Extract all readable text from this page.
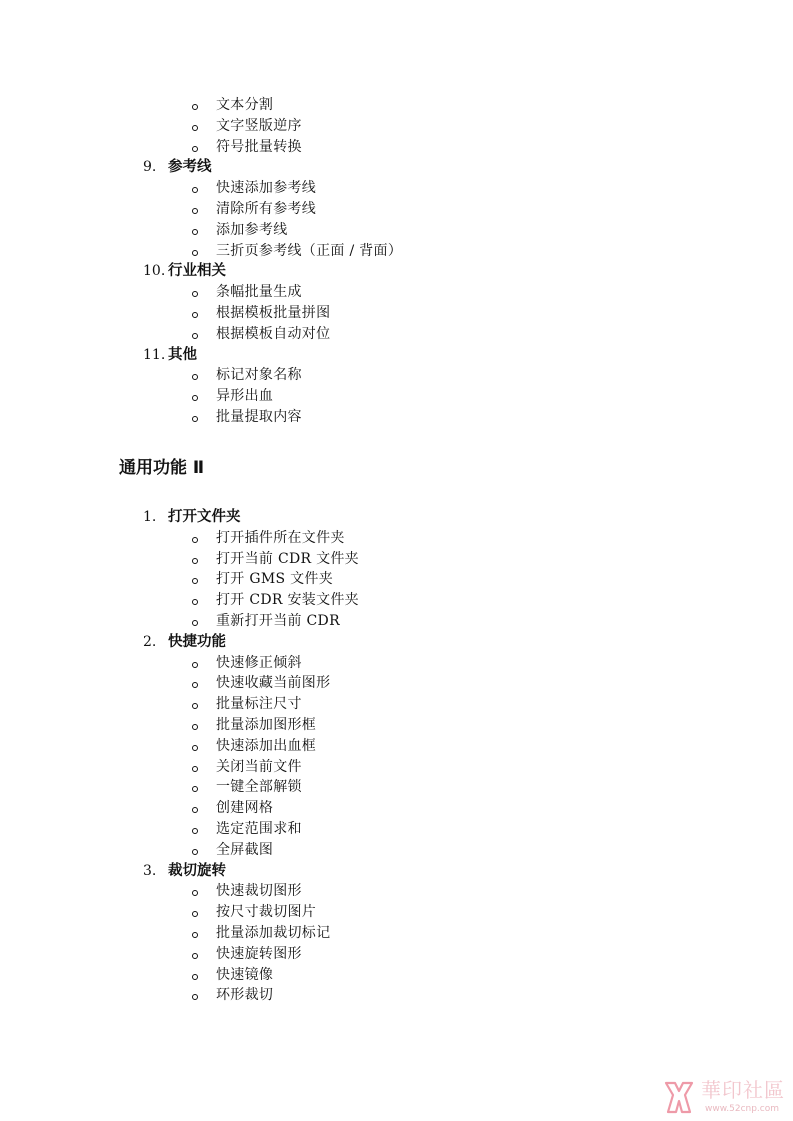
文本分割
文字竖版逆序
符号批量转换
9. 参考线
快速添加参考线
清除所有参考线
添加参考线
三折页参考线（正面 / 背面）
10. 行业相关
条幅批量生成
根据模板批量拼图
根据模板自动对位
11. 其他
标记对象名称
异形出血
批量提取内容
通用功能 Ⅱ
1. 打开文件夹
打开插件所在文件夹
打开当前 CDR 文件夹
打开 GMS 文件夹
打开 CDR 安装文件夹
重新打开当前 CDR
2. 快捷功能
快速修正倾斜
快速收藏当前图形
批量标注尺寸
批量添加图形框
快速添加出血框
关闭当前文件
一键全部解锁
创建网格
选定范围求和
全屏截图
3. 裁切旋转
快速裁切图形
按尺寸裁切图片
批量添加裁切标记
快速旋转图形
快速镜像
环形裁切
華印社區
www.52cnp.com
